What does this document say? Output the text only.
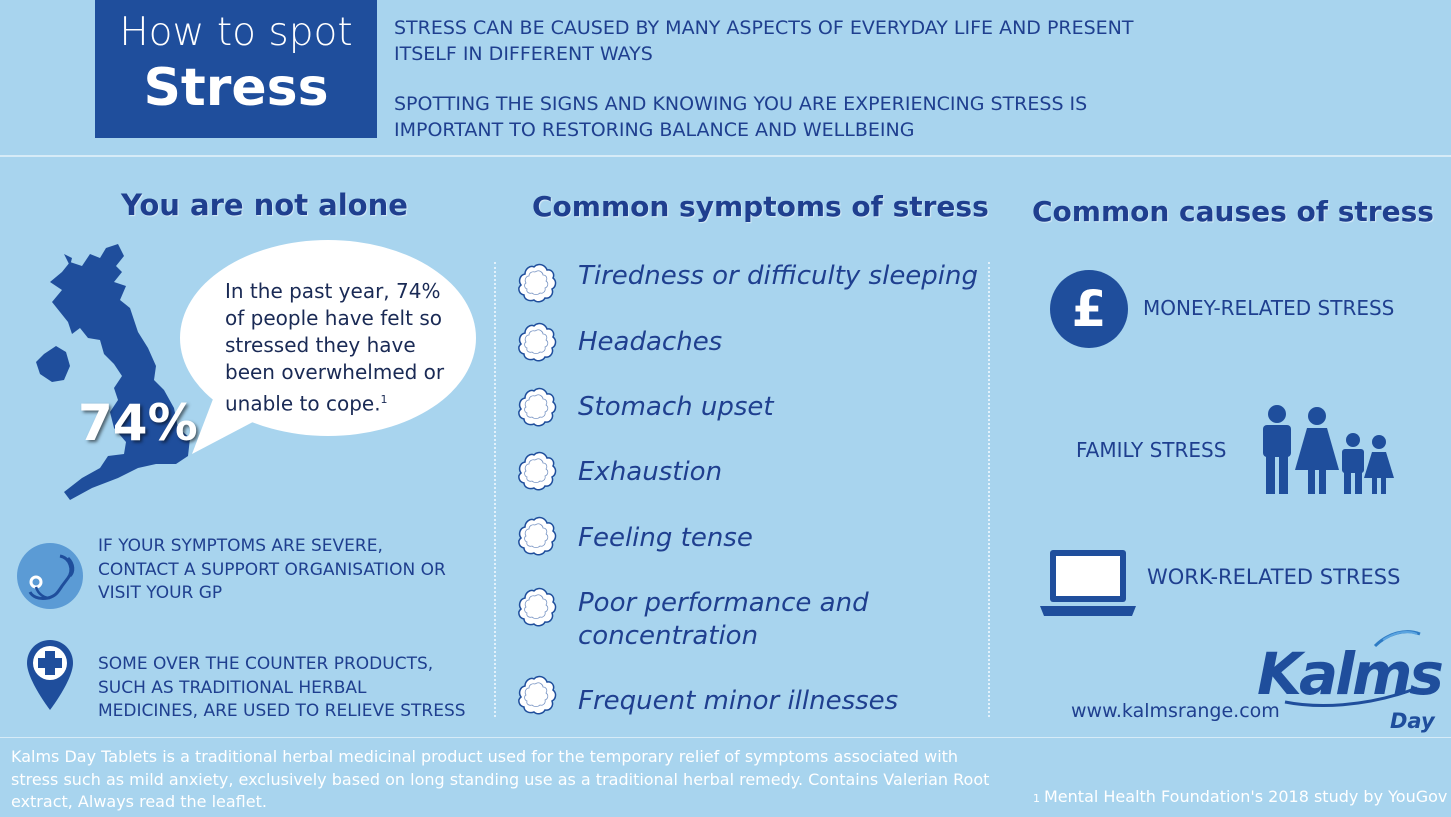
How to spot
Stress
STRESS CAN BE CAUSED BY MANY ASPECTS OF EVERYDAY LIFE AND PRESENT
ITSELF IN DIFFERENT WAYS
SPOTTING THE SIGNS AND KNOWING YOU ARE EXPERIENCING STRESS IS
IMPORTANT TO RESTORING BALANCE AND WELLBEING
You are not alone
74%
In the past year, 74%
of people have felt so
stressed they have
been overwhelmed or
unable to cope.$^1$
IF YOUR SYMPTOMS ARE SEVERE,
CONTACT A SUPPORT ORGANISATION OR
VISIT YOUR GP
SOME OVER THE COUNTER PRODUCTS,
SUCH AS TRADITIONAL HERBAL
MEDICINES, ARE USED TO RELIEVE STRESS
Common symptoms of stress
Tiredness or difficulty sleeping
Headaches
Stomach upset
Exhaustion
Feeling tense
Poor performance and
concentration
Frequent minor illnesses
Common causes of stress
£	MONEY-RELATED STRESS
FAMILY STRESS
WORK-RELATED STRESS
Kalms
Day
www.kalmsrange.com
Kalms Day Tablets is a traditional herbal medicinal product used for the temporary relief of symptoms associated with
stress such as mild anxiety, exclusively based on long standing use as a traditional herbal remedy. Contains Valerian Root
extract, Always read the leaflet.	1 Mental Health Foundation's 2018 study by YouGov
